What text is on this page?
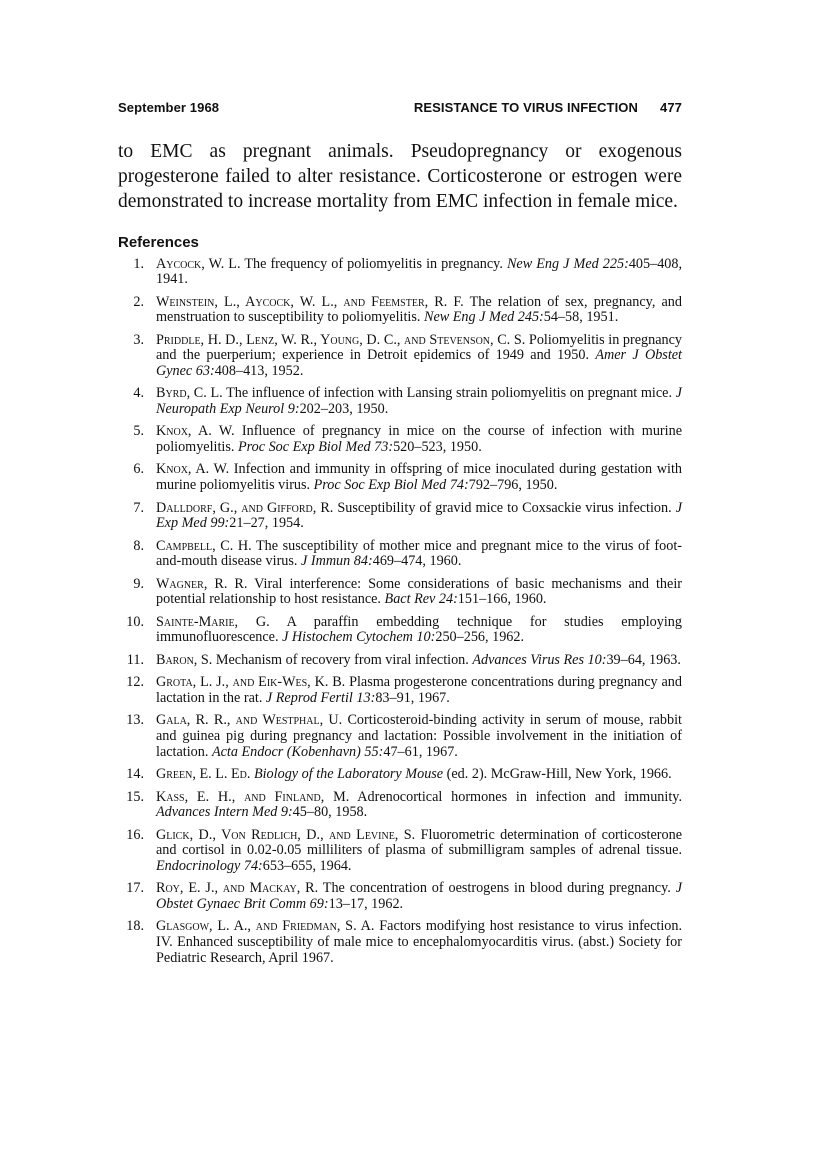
September 1968	RESISTANCE TO VIRUS INFECTION 477

to EMC as pregnant animals. Pseudopregnancy or exogenous progesterone failed to alter resistance. Corticosterone or estrogen were demonstrated to increase mortality from EMC infection in female mice.

References
1. Aycock, W. L. The frequency of poliomyelitis in pregnancy. New Eng J Med 225:405–408, 1941.
2. Weinstein, L., Aycock, W. L., and Feemster, R. F. The relation of sex, pregnancy, and menstruation to susceptibility to poliomyelitis. New Eng J Med 245:54–58, 1951.
3. Priddle, H. D., Lenz, W. R., Young, D. C., and Stevenson, C. S. Poliomyelitis in pregnancy and the puerperium; experience in Detroit epidemics of 1949 and 1950. Amer J Obstet Gynec 63:408–413, 1952.
4. Byrd, C. L. The influence of infection with Lansing strain poliomyelitis on pregnant mice. J Neuropath Exp Neurol 9:202–203, 1950.
5. Knox, A. W. Influence of pregnancy in mice on the course of infection with murine poliomyelitis. Proc Soc Exp Biol Med 73:520–523, 1950.
6. Knox, A. W. Infection and immunity in offspring of mice inoculated during gestation with murine poliomyelitis virus. Proc Soc Exp Biol Med 74:792–796, 1950.
7. Dalldorf, G., and Gifford, R. Susceptibility of gravid mice to Coxsackie virus infection. J Exp Med 99:21–27, 1954.
8. Campbell, C. H. The susceptibility of mother mice and pregnant mice to the virus of foot-and-mouth disease virus. J Immun 84:469–474, 1960.
9. Wagner, R. R. Viral interference: Some considerations of basic mechanisms and their potential relationship to host resistance. Bact Rev 24:151–166, 1960.
10. Sainte-Marie, G. A paraffin embedding technique for studies employing immunofluorescence. J Histochem Cytochem 10:250–256, 1962.
11. Baron, S. Mechanism of recovery from viral infection. Advances Virus Res 10:39–64, 1963.
12. Grota, L. J., and Eik-Wes, K. B. Plasma progesterone concentrations during pregnancy and lactation in the rat. J Reprod Fertil 13:83–91, 1967.
13. Gala, R. R., and Westphal, U. Corticosteroid-binding activity in serum of mouse, rabbit and guinea pig during pregnancy and lactation: Possible involvement in the initiation of lactation. Acta Endocr (Kobenhavn) 55:47–61, 1967.
14. Green, E. L. Ed. Biology of the Laboratory Mouse (ed. 2). McGraw-Hill, New York, 1966.
15. Kass, E. H., and Finland, M. Adrenocortical hormones in infection and immunity. Advances Intern Med 9:45–80, 1958.
16. Glick, D., Von Redlich, D., and Levine, S. Fluorometric determination of corticosterone and cortisol in 0.02-0.05 milliliters of plasma of submilligram samples of adrenal tissue. Endocrinology 74:653–655, 1964.
17. Roy, E. J., and Mackay, R. The concentration of oestrogens in blood during pregnancy. J Obstet Gynaec Brit Comm 69:13–17, 1962.
18. Glasgow, L. A., and Friedman, S. A. Factors modifying host resistance to virus infection. IV. Enhanced susceptibility of male mice to encephalomyocarditis virus. (abst.) Society for Pediatric Research, April 1967.
